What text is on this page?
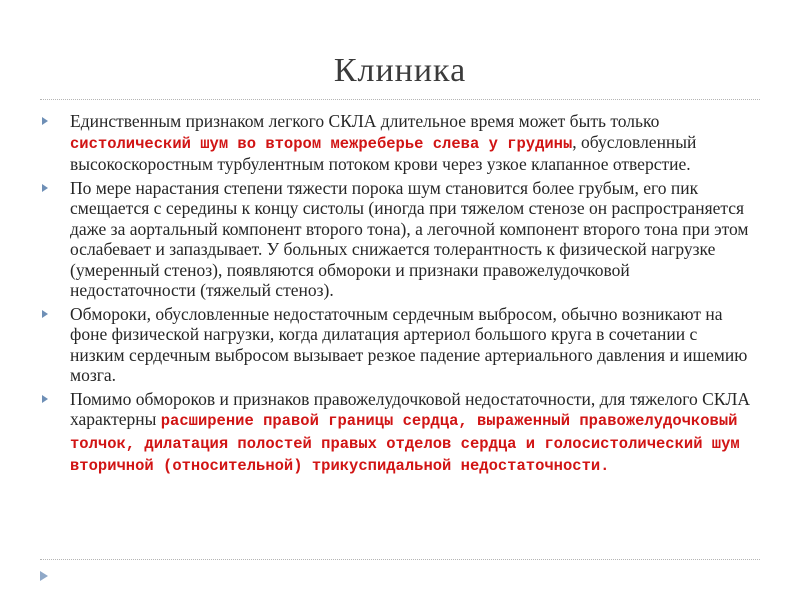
Клиника
Единственным признаком легкого СКЛА длительное время может быть только систолический шум во втором межреберье слева у грудины, обусловленный высокоскоростным турбулентным потоком крови через узкое клапанное отверстие.
По мере нарастания степени тяжести порока шум становится более грубым, его пик смещается с середины к концу систолы (иногда при тяжелом стенозе он распространяется даже за аортальный компонент второго тона), а легочной компонент второго тона при этом ослабевает и запаздывает. У больных снижается толерантность к физической нагрузке (умеренный стеноз), появляются обмороки и признаки правожелудочковой недостаточности (тяжелый стеноз).
Обмороки, обусловленные недостаточным сердечным выбросом, обычно возникают на фоне физической нагрузки, когда дилатация артериол большого круга в сочетании с низким сердечным выбросом вызывает резкое падение артериального давления и ишемию мозга.
Помимо обмороков и признаков правожелудочковой недостаточности, для тяжелого СКЛА характерны расширение правой границы сердца, выраженный правожелудочковый толчок, дилатация полостей правых отделов сердца и голосистолический шум вторичной (относительной) трикуспидальной недостаточности.
